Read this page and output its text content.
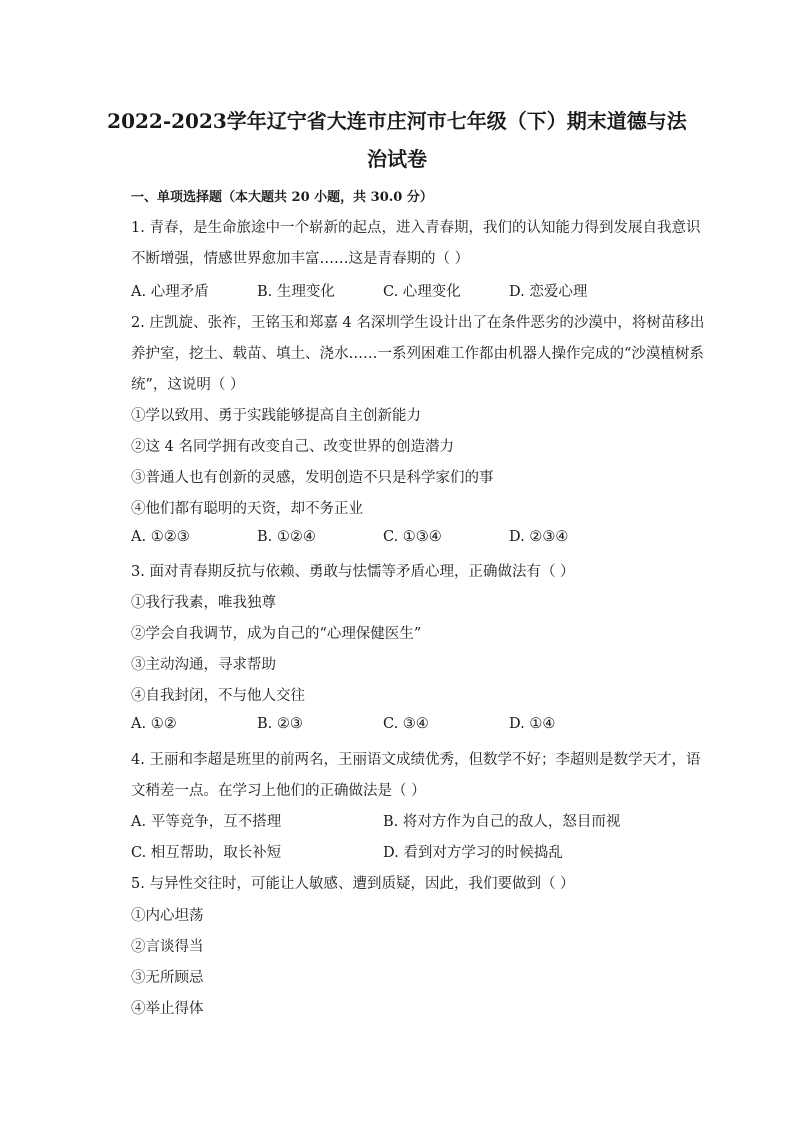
2022-2023学年辽宁省大连市庄河市七年级（下）期末道德与法
治试卷
一、单项选择题（本大题共 20 小题，共 30.0 分）
1. 青春，是生命旅途中一个崭新的起点，进入青春期，我们的认知能力得到发展自我意识
不断增强，情感世界愈加丰富……这是青春期的（ ）
A. 心理矛盾	B. 生理变化	C. 心理变化	D. 恋爱心理
2. 庄凯旋、张祚，王铭玉和郑嘉 4 名深圳学生设计出了在条件恶劣的沙漠中，将树苗移出
养护室，挖土、载苗、填土、浇水……一系列困难工作都由机器人操作完成的“沙漠植树系
统”，这说明（ ）
①学以致用、勇于实践能够提高自主创新能力
②这 4 名同学拥有改变自己、改变世界的创造潜力
③普通人也有创新的灵感，发明创造不只是科学家们的事
④他们都有聪明的天资，却不务正业
A. ①②③	B. ①②④	C. ①③④	D. ②③④
3. 面对青春期反抗与依赖、勇敢与怯懦等矛盾心理，正确做法有（ ）
①我行我素，唯我独尊
②学会自我调节，成为自己的“心理保健医生”
③主动沟通，寻求帮助
④自我封闭，不与他人交往
A. ①②	B. ②③	C. ③④	D. ①④
4. 王丽和李超是班里的前两名，王丽语文成绩优秀，但数学不好；李超则是数学天才，语
文稍差一点。在学习上他们的正确做法是（ ）
A. 平等竞争，互不搭理	B. 将对方作为自己的敌人，怒目而视
C. 相互帮助，取长补短	D. 看到对方学习的时候捣乱
5. 与异性交往时，可能让人敏感、遭到质疑，因此，我们要做到（ ）
①内心坦荡
②言谈得当
③无所顾忌
④举止得体
